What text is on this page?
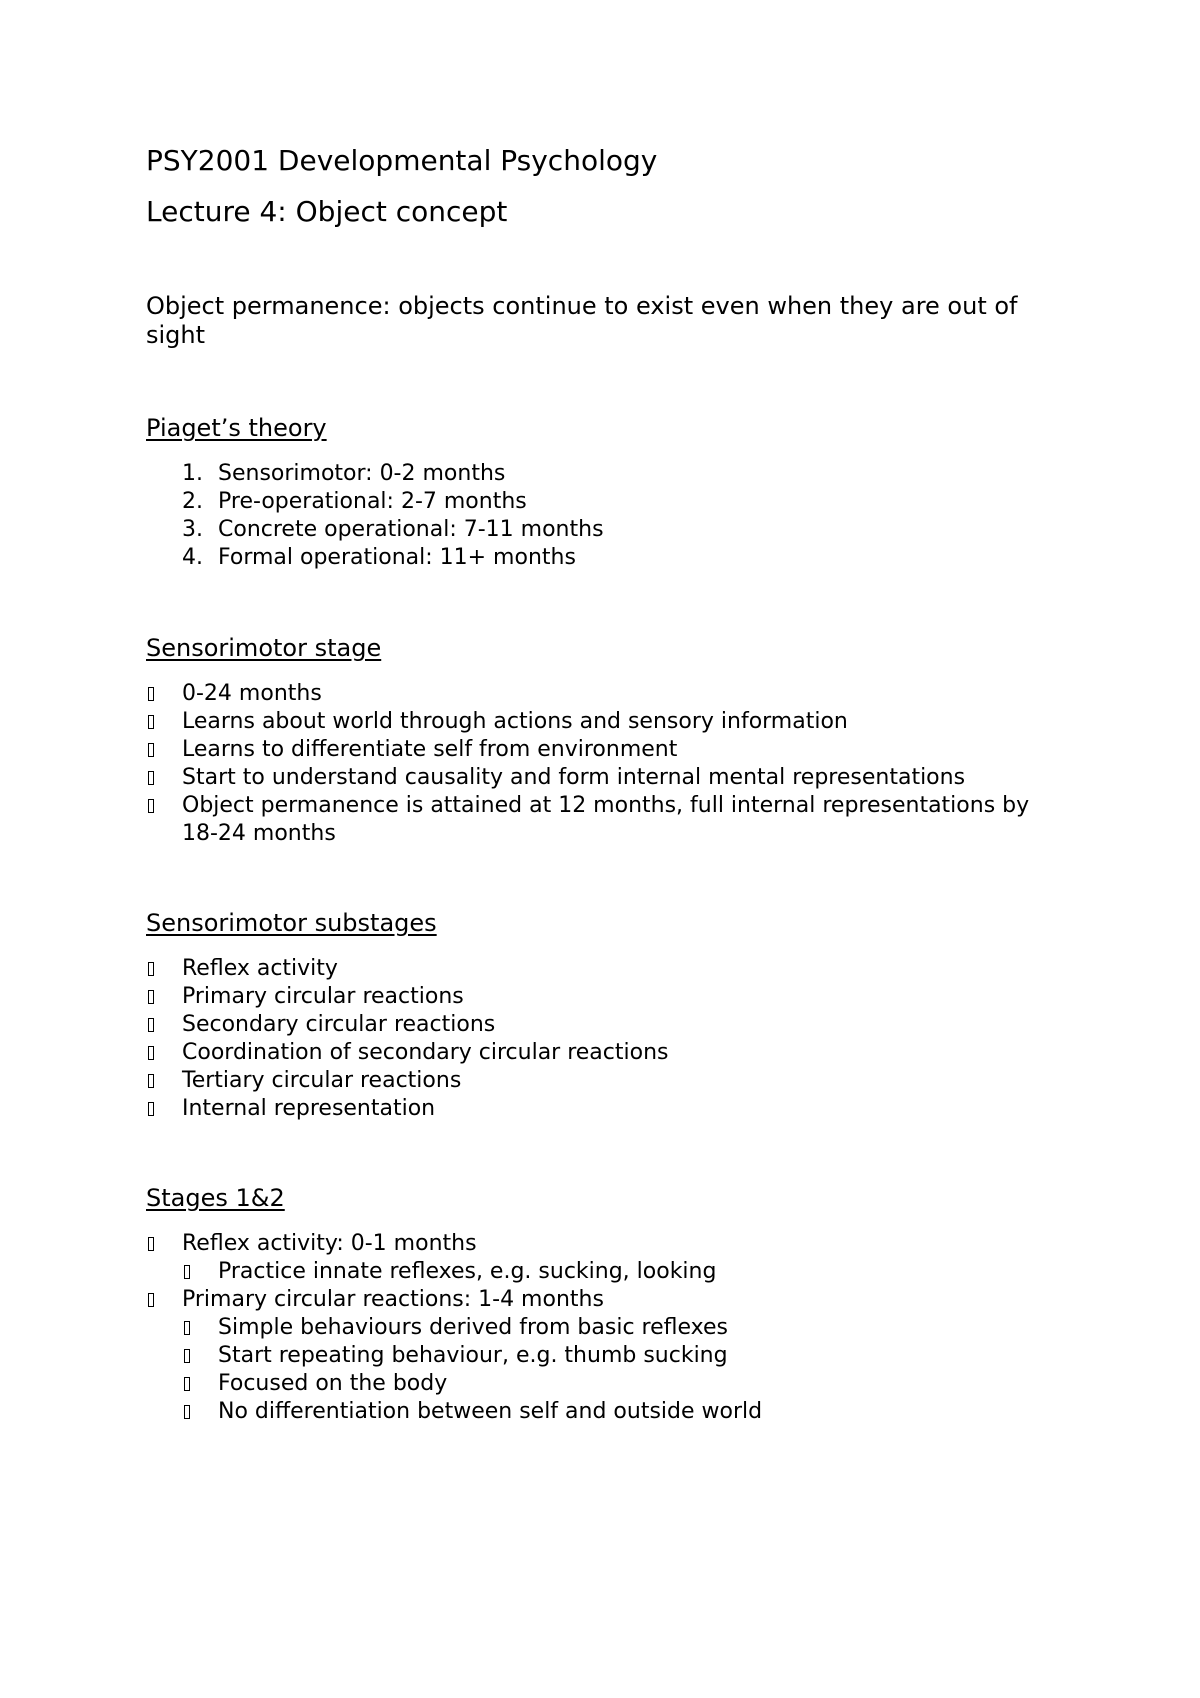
PSY2001 Developmental Psychology
Lecture 4: Object concept

Object permanence: objects continue to exist even when they are out of sight

Piaget’s theory
1. Sensorimotor: 0-2 months
2. Pre-operational: 2-7 months
3. Concrete operational: 7-11 months
4. Formal operational: 11+ months
Sensorimotor stage
0-24 months
Learns about world through actions and sensory information
Learns to differentiate self from environment
Start to understand causality and form internal mental representations
Object permanence is attained at 12 months, full internal representations by 18-24 months
Sensorimotor substages
Reflex activity
Primary circular reactions
Secondary circular reactions
Coordination of secondary circular reactions
Tertiary circular reactions
Internal representation
Stages 1&2
Reflex activity: 0-1 months
Practice innate reflexes, e.g. sucking, looking
Primary circular reactions: 1-4 months
Simple behaviours derived from basic reflexes
Start repeating behaviour, e.g. thumb sucking
Focused on the body
No differentiation between self and outside world
